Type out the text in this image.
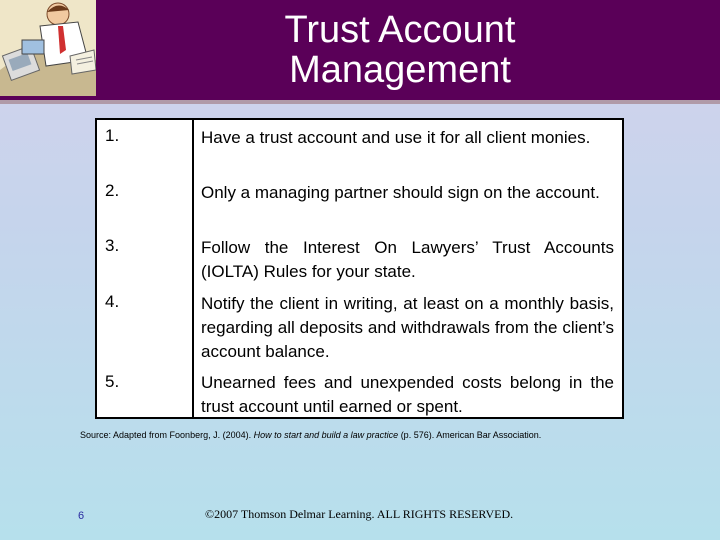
Trust Account
Management
1.	Have a trust account and use it for all client monies.
2.	Only a managing partner should sign on the account.
3.	Follow the Interest On Lawyers’ Trust Accounts (IOLTA) Rules for your state.
4.	Notify the client in writing, at least on a monthly basis, regarding all deposits and withdrawals from the client’s account balance.
5.	Unearned fees and unexpended costs belong in the trust account until earned or spent.
Source: Adapted from Foonberg, J. (2004). How to start and build a law practice (p. 576). American Bar Association.
6	©2007 Thomson Delmar Learning. ALL RIGHTS RESERVED.
